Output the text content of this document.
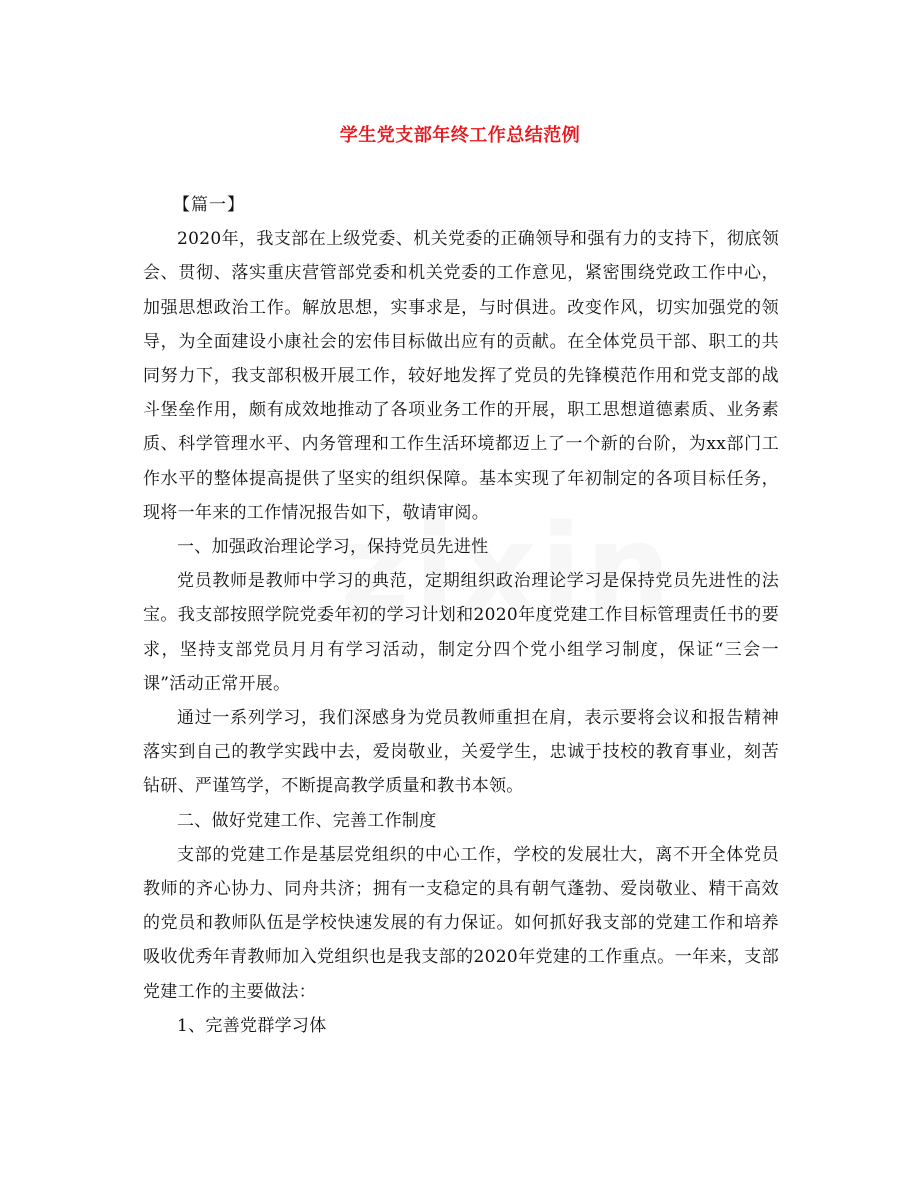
学生党支部年终工作总结范例

【篇一】

2020年，我支部在上级党委、机关党委的正确领导和强有力的支持下，彻底领会、贯彻、落实重庆营管部党委和机关党委的工作意见，紧密围绕党政工作中心，加强思想政治工作。解放思想，实事求是，与时俱进。改变作风，切实加强党的领导，为全面建设小康社会的宏伟目标做出应有的贡献。在全体党员干部、职工的共同努力下，我支部积极开展工作，较好地发挥了党员的先锋模范作用和党支部的战斗堡垒作用，颇有成效地推动了各项业务工作的开展，职工思想道德素质、业务素质、科学管理水平、内务管理和工作生活环境都迈上了一个新的台阶，为xx部门工作水平的整体提高提供了坚实的组织保障。基本实现了年初制定的各项目标任务，现将一年来的工作情况报告如下，敬请审阅。

一、加强政治理论学习，保持党员先进性

党员教师是教师中学习的典范，定期组织政治理论学习是保持党员先进性的法宝。我支部按照学院党委年初的学习计划和2020年度党建工作目标管理责任书的要求，坚持支部党员月月有学习活动，制定分四个党小组学习制度，保证“三会一课”活动正常开展。

通过一系列学习，我们深感身为党员教师重担在肩，表示要将会议和报告精神落实到自己的教学实践中去，爱岗敬业，关爱学生，忠诚于技校的教育事业，刻苦钻研、严谨笃学，不断提高教学质量和教书本领。

二、做好党建工作、完善工作制度

支部的党建工作是基层党组织的中心工作，学校的发展壮大，离不开全体党员教师的齐心协力、同舟共济；拥有一支稳定的具有朝气蓬勃、爱岗敬业、精干高效的党员和教师队伍是学校快速发展的有力保证。如何抓好我支部的党建工作和培养吸收优秀年青教师加入党组织也是我支部的2020年党建的工作重点。一年来，支部党建工作的主要做法：

1、完善党群学习体
